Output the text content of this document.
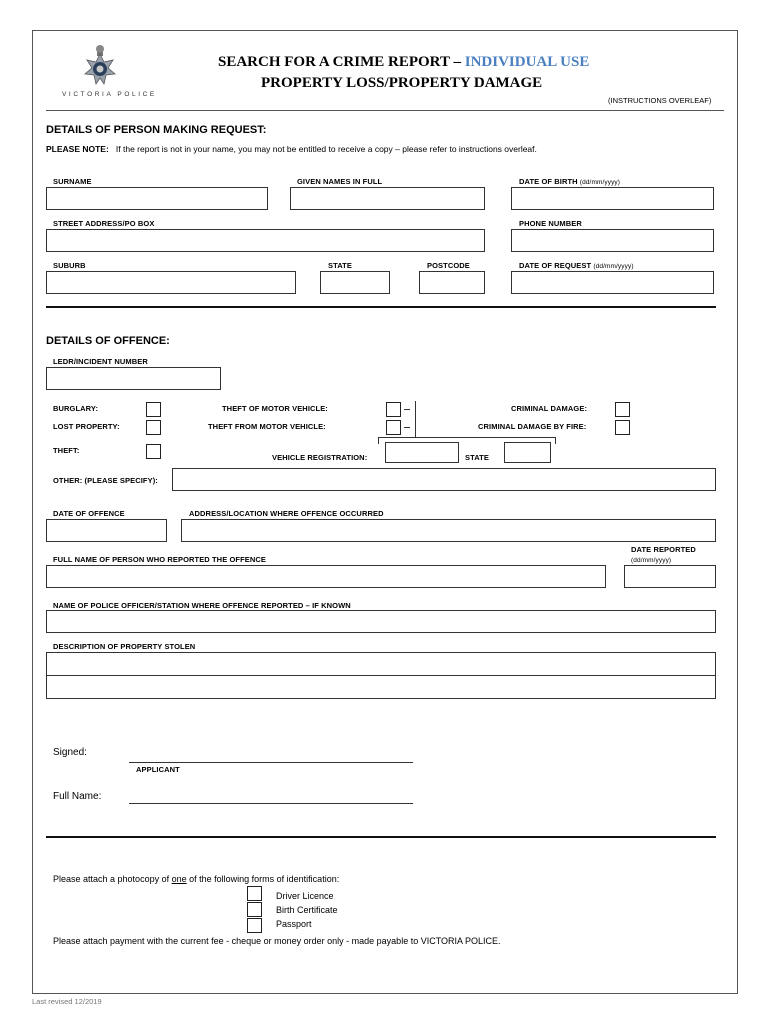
VICTORIA POLICE
SEARCH FOR A CRIME REPORT – INDIVIDUAL USE
PROPERTY LOSS/PROPERTY DAMAGE
(INSTRUCTIONS OVERLEAF)
DETAILS OF PERSON MAKING REQUEST:
PLEASE NOTE: If the report is not in your name, you may not be entitled to receive a copy – please refer to instructions overleaf.
SURNAME	GIVEN NAMES IN FULL	DATE OF BIRTH (dd/mm/yyyy)
STREET ADDRESS/PO BOX	PHONE NUMBER
SUBURB	STATE	POSTCODE	DATE OF REQUEST (dd/mm/yyyy)
DETAILS OF OFFENCE:
LEDR/INCIDENT NUMBER
BURGLARY:
LOST PROPERTY:
THEFT:
THEFT OF MOTOR VEHICLE:
THEFT FROM MOTOR VEHICLE:
CRIMINAL DAMAGE:
CRIMINAL DAMAGE BY FIRE:
VEHICLE REGISTRATION:	STATE
OTHER: (PLEASE SPECIFY):
DATE OF OFFENCE	ADDRESS/LOCATION WHERE OFFENCE OCCURRED
DATE REPORTED
(dd/mm/yyyy)
FULL NAME OF PERSON WHO REPORTED THE OFFENCE
NAME OF POLICE OFFICER/STATION WHERE OFFENCE REPORTED – IF KNOWN
DESCRIPTION OF PROPERTY STOLEN
Signed:
APPLICANT
Full Name:
Please attach a photocopy of one of the following forms of identification:
Driver Licence
Birth Certificate
Passport
Please attach payment with the current fee - cheque or money order only - made payable to VICTORIA POLICE.
Last revised 12/2019
